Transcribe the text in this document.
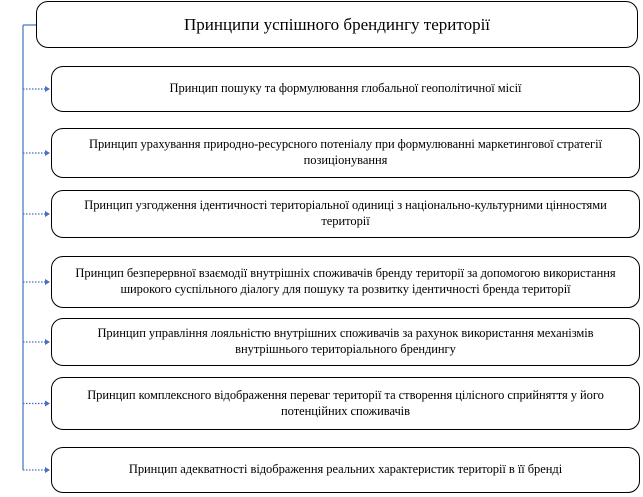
Принципи успішного брендингу території
Принцип пошуку та формулювання глобальної геополітичної місії
Принцип урахування природно-ресурсного потеніалу при формулюванні маркетингової стратегії позиціонування
Принцип узгодження ідентичності територіальної одиниці з національно-культурними цінностями території
Принцип безперервної взаємодії внутрішніх споживачів бренду території за допомогою використання широкого суспільного діалогу для пошуку та розвитку ідентичності бренда території
Принцип управління лояльністю внутрішних споживачів за рахунок використання механізмів внутрішнього територіального брендингу
Принцип комплексного відображення переваг території та створення цілісного сприйняття у його потенційних споживачів
Принцип адекватності відображення реальних характеристик території в її бренді
